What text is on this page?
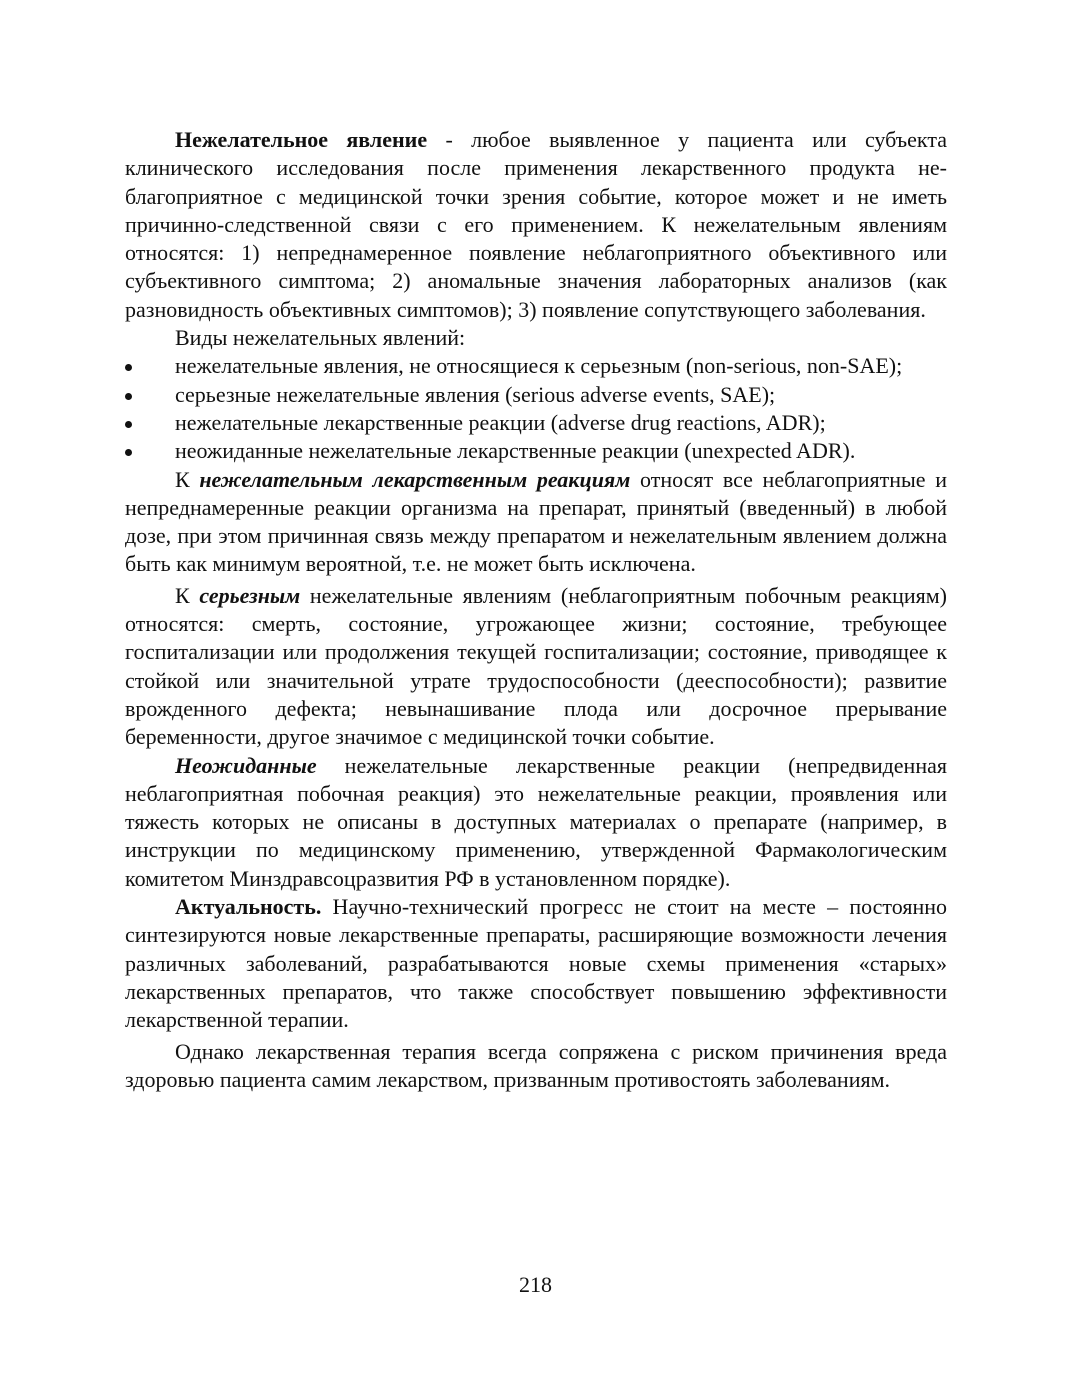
Нежелательное явление - любое выявленное у пациента или субъекта клинического исследования после применения лекарственного продукта неблагоприятное с медицинской точки зрения событие, которое может и не иметь причинно-следственной связи с его применением. К нежелательным явлениям относятся: 1) непреднамеренное появление неблагоприятного объективного или субъективного симптома; 2) аномальные значения лабораторных анализов (как разновидность объективных симптомов); 3) появление сопутствующего заболевания.

Виды нежелательных явлений:

нежелательные явления, не относящиеся к серьезным (non-serious, non-SAE);
серьезные нежелательные явления (serious adverse events, SAE);
нежелательные лекарственные реакции (adverse drug reactions, ADR);
неожиданные нежелательные лекарственные реакции (unexpected ADR).

К нежелательным лекарственным реакциям относят все неблагоприятные и непреднамеренные реакции организма на препарат, принятый (введенный) в любой дозе, при этом причинная связь между препаратом и нежелательным явлением должна быть как минимум вероятной, т.е. не может быть исключена.

К серьезным нежелательные явлениям (неблагоприятным побочным реакциям) относятся: смерть, состояние, угрожающее жизни; состояние, требующее госпитализации или продолжения текущей госпитализации; состояние, приводящее к стойкой или значительной утрате трудоспособности (дееспособности); развитие врожденного дефекта; невынашивание плода или досрочное прерывание беременности, другое значимое с медицинской точки событие.

Неожиданные нежелательные лекарственные реакции (непредвиденная неблагоприятная побочная реакция) это нежелательные реакции, проявления или тяжесть которых не описаны в доступных материалах о препарате (например, в инструкции по медицинскому применению, утвержденной Фармакологическим комитетом Минздравсоцразвития РФ в установленном порядке).

Актуальность. Научно-технический прогресс не стоит на месте – постоянно синтезируются новые лекарственные препараты, расширяющие возможности лечения различных заболеваний, разрабатываются новые схемы применения «старых» лекарственных препаратов, что также способствует повышению эффективности лекарственной терапии.

Однако лекарственная терапия всегда сопряжена с риском причинения вреда здоровью пациента самим лекарством, призванным противостоять заболеваниям.

218
